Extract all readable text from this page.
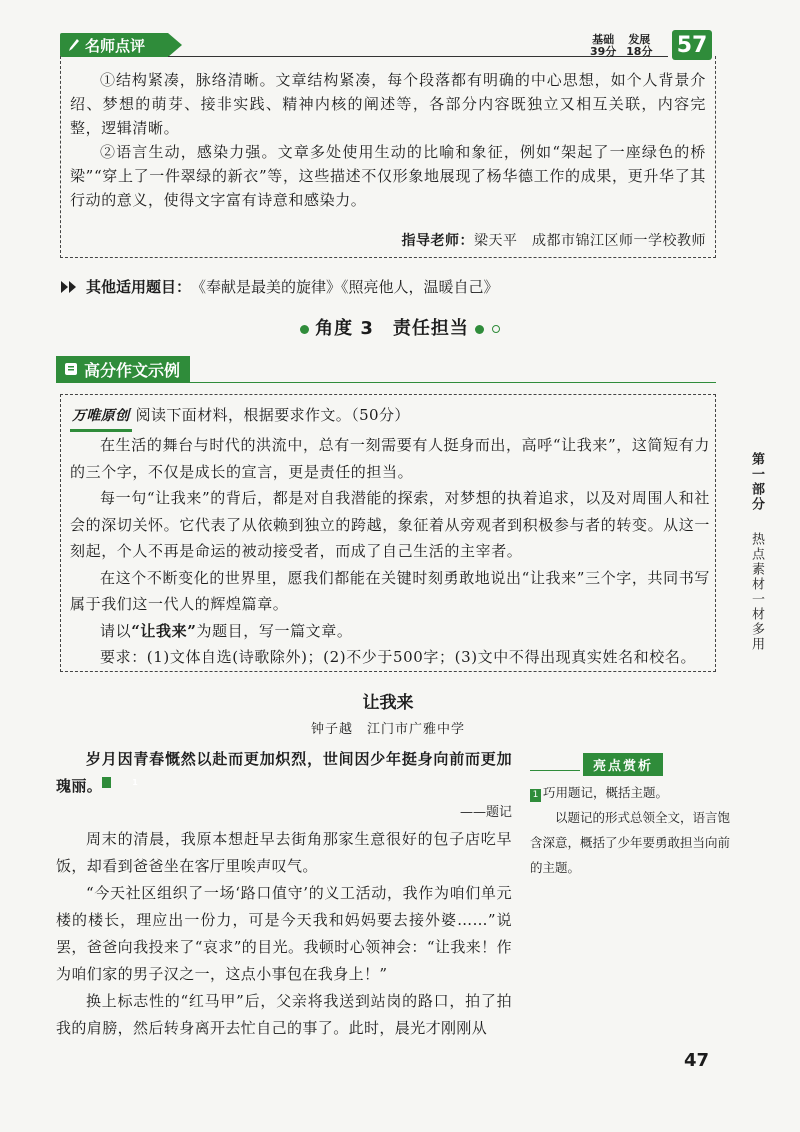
名师点评	基础
39分 发展
18分 57

①结构紧凑，脉络清晰。文章结构紧凑，每个段落都有明确的中心思想，如个人背景介绍、梦想的萌芽、接非实践、精神内核的阐述等，各部分内容既独立又相互关联，内容完整，逻辑清晰。

②语言生动，感染力强。文章多处使用生动的比喻和象征，例如“架起了一座绿色的桥梁”“穿上了一件翠绿的新衣”等，这些描述不仅形象地展现了杨华德工作的成果，更升华了其行动的意义，使得文字富有诗意和感染力。

指导老师：梁天平　成都市锦江区师一学校教师
其他适用题目： 《奉献是最美的旋律》《照亮他人，温暖自己》
角度 3　责任担当
高分作文示例

万唯原创 阅读下面材料，根据要求作文。（50分）

在生活的舞台与时代的洪流中，总有一刻需要有人挺身而出，高呼“让我来”，这简短有力的三个字，不仅是成长的宣言，更是责任的担当。

每一句“让我来”的背后，都是对自我潜能的探索，对梦想的执着追求，以及对周围人和社会的深切关怀。它代表了从依赖到独立的跨越，象征着从旁观者到积极参与者的转变。从这一刻起，个人不再是命运的被动接受者，而成了自己生活的主宰者。

在这个不断变化的世界里，愿我们都能在关键时刻勇敢地说出“让我来”三个字，共同书写属于我们这一代人的辉煌篇章。

请以“让我来”为题目，写一篇文章。

要求：(1)文体自选(诗歌除外)；(2)不少于500字；(3)文中不得出现真实姓名和校名。

第一部分 热点素材一材多用
让我来
钟子越　江门市广雅中学

岁月因青春慨然以赴而更加炽烈，世间因少年挺身向前而更加瑰丽。	1

——题记

周末的清晨，我原本想赶早去街角那家生意很好的包子店吃早饭，却看到爸爸坐在客厅里唉声叹气。

“今天社区组织了一场‘路口值守’的义工活动，我作为咱们单元楼的楼长，理应出一份力，可是今天我和妈妈要去接外婆……”说罢，爸爸向我投来了“哀求”的目光。我顿时心领神会：“让我来！作为咱们家的男子汉之一，这点小事包在我身上！”

换上标志性的“红马甲”后，父亲将我送到站岗的路口，拍了拍我的肩膀，然后转身离开去忙自己的事了。此时，晨光才刚刚从

亮点赏析
1 巧用题记，概括主题。

以题记的形式总领全文，语言饱含深意，概括了少年要勇敢担当向前的主题。

47
